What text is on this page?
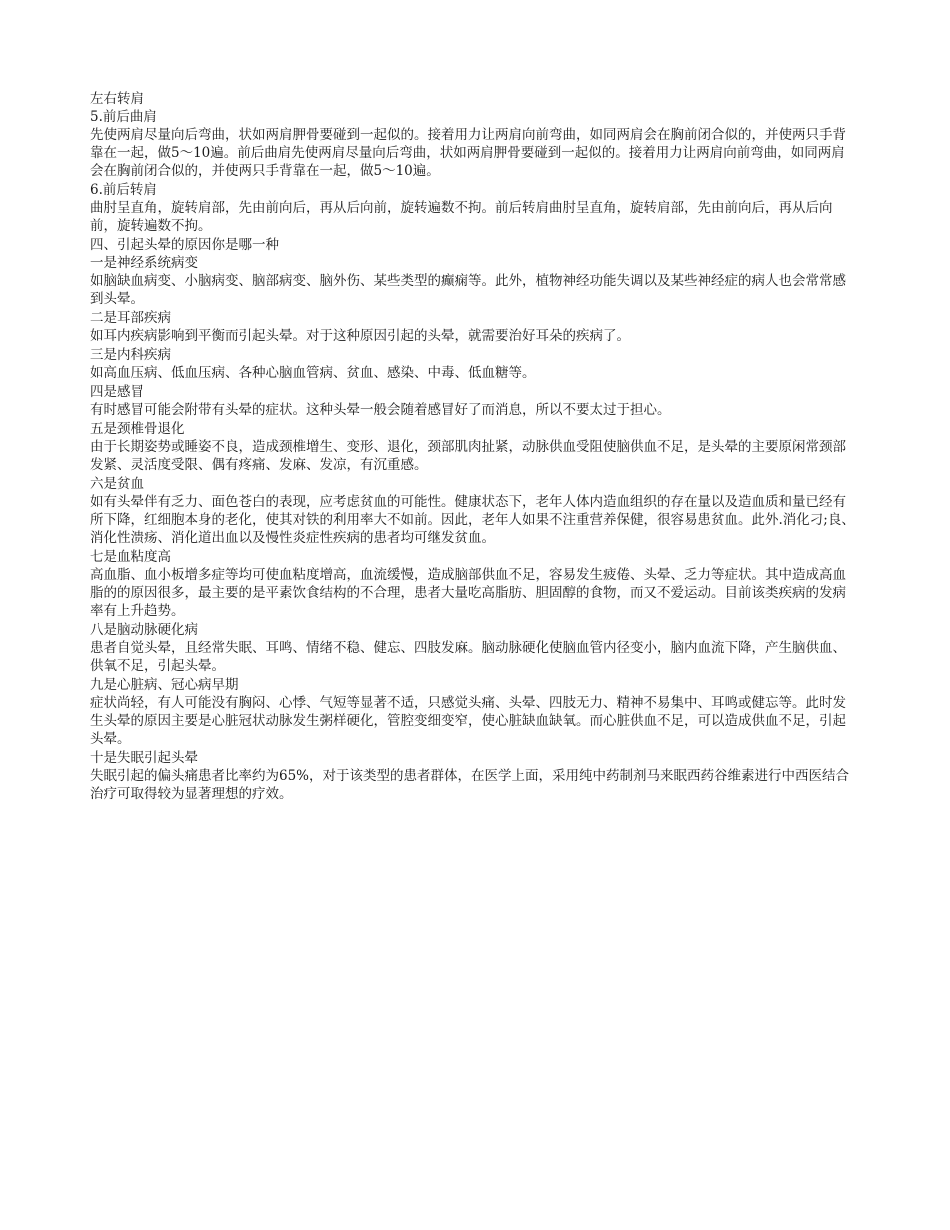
左右转肩

5.前后曲肩

先使两肩尽量向后弯曲，状如两肩胛骨要碰到一起似的。接着用力让两肩向前弯曲，如同两肩会在胸前闭合似的，并使两只手背靠在一起，做5～10遍。前后曲肩先使两肩尽量向后弯曲，状如两肩胛骨要碰到一起似的。接着用力让两肩向前弯曲，如同两肩会在胸前闭合似的，并使两只手背靠在一起，做5～10遍。

6.前后转肩

曲肘呈直角，旋转肩部，先由前向后，再从后向前，旋转遍数不拘。前后转肩曲肘呈直角，旋转肩部，先由前向后，再从后向前，旋转遍数不拘。

四、引起头晕的原因你是哪一种

一是神经系统病变

如脑缺血病变、小脑病变、脑部病变、脑外伤、某些类型的癫痫等。此外，植物神经功能失调以及某些神经症的病人也会常常感到头晕。

二是耳部疾病

如耳内疾病影响到平衡而引起头晕。对于这种原因引起的头晕，就需要治好耳朵的疾病了。

三是内科疾病

如高血压病、低血压病、各种心脑血管病、贫血、感染、中毒、低血糖等。

四是感冒

有时感冒可能会附带有头晕的症状。这种头晕一般会随着感冒好了而消息，所以不要太过于担心。

五是颈椎骨退化

由于长期姿势或睡姿不良，造成颈椎增生、变形、退化，颈部肌肉扯紧，动脉供血受阻使脑供血不足，是头晕的主要原闲常颈部发紧、灵活度受限、偶有疼痛、发麻、发凉，有沉重感。

六是贫血

如有头晕伴有乏力、面色苍白的表现，应考虑贫血的可能性。健康状态下，老年人体内造血组织的存在量以及造血质和量已经有所下降，红细胞本身的老化，使其对铁的利用率大不如前。因此，老年人如果不注重营养保健，很容易患贫血。此外.消化刁;良、消化性溃疡、消化道出血以及慢性炎症性疾病的患者均可继发贫血。

七是血粘度高

高血脂、血小板增多症等均可使血粘度增高，血流缓慢，造成脑部供血不足，容易发生疲倦、头晕、乏力等症状。其中造成高血脂的的原因很多，最主要的是平素饮食结构的不合理，患者大量吃高脂肪、胆固醇的食物，而又不爱运动。目前该类疾病的发病率有上升趋势。

八是脑动脉硬化病

患者自觉头晕，且经常失眠、耳鸣、情绪不稳、健忘、四肢发麻。脑动脉硬化使脑血管内径变小，脑内血流下降，产生脑供血、供氧不足，引起头晕。

九是心脏病、冠心病早期

症状尚轻，有人可能没有胸闷、心悸、气短等显著不适，只感觉头痛、头晕、四肢无力、精神不易集中、耳鸣或健忘等。此时发生头晕的原因主要是心脏冠状动脉发生粥样硬化，管腔变细变窄，使心脏缺血缺氧。而心脏供血不足，可以造成供血不足，引起头晕。

十是失眠引起头晕

失眠引起的偏头痛患者比率约为65%，对于该类型的患者群体，在医学上面，采用纯中药制剂马来眠西药谷维素进行中西医结合治疗可取得较为显著理想的疗效。
